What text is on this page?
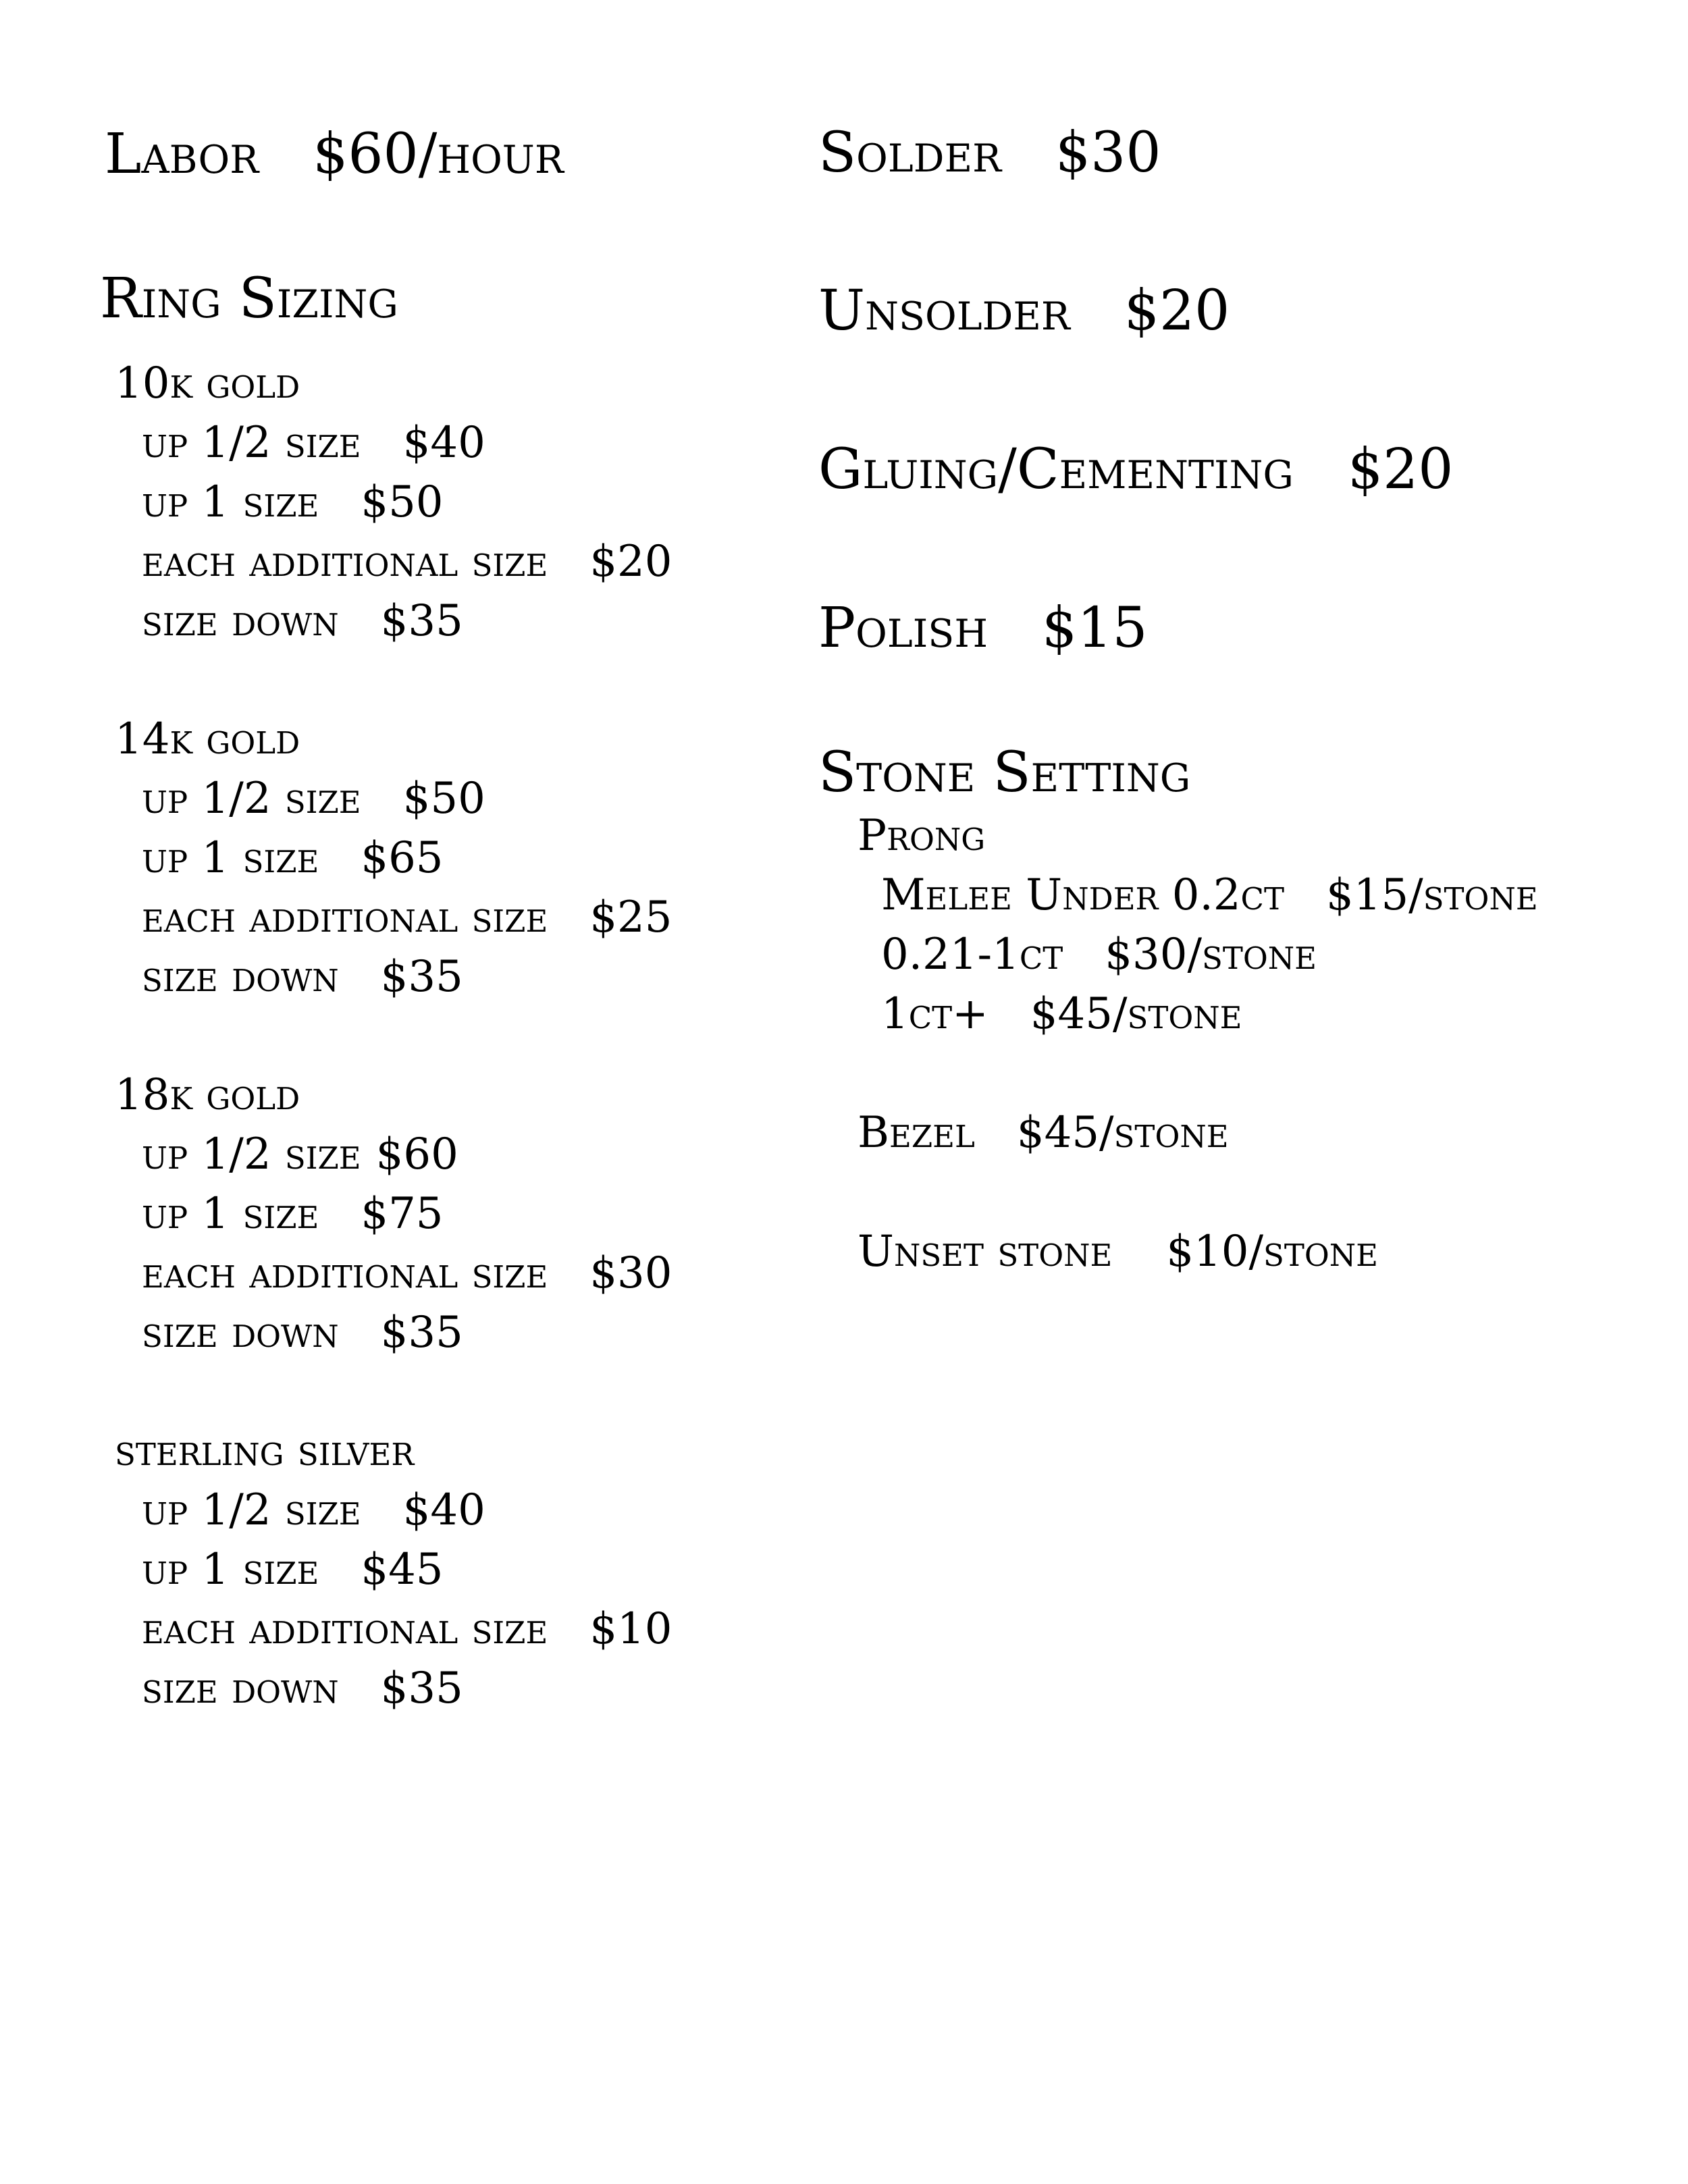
Labor $60/hour
Ring Sizing
10k gold
up 1/2 size $40
up 1 size $50
each additional size $20
size down $35
14k gold
up 1/2 size $50
up 1 size $65
each additional size $25
size down $35
18k gold
up 1/2 size $60
up 1 size $75
each additional size $30
size down $35
sterling silver
up 1/2 size $40
up 1 size $45
each additional size $10
size down $35
Solder $30
Unsolder $20
Gluing/Cementing $20
Polish $15
Stone Setting
Prong
Melee Under 0.2ct $15/stone
0.21-1ct $30/stone
1ct+ $45/stone
Bezel $45/stone
Unset stone $10/stone
